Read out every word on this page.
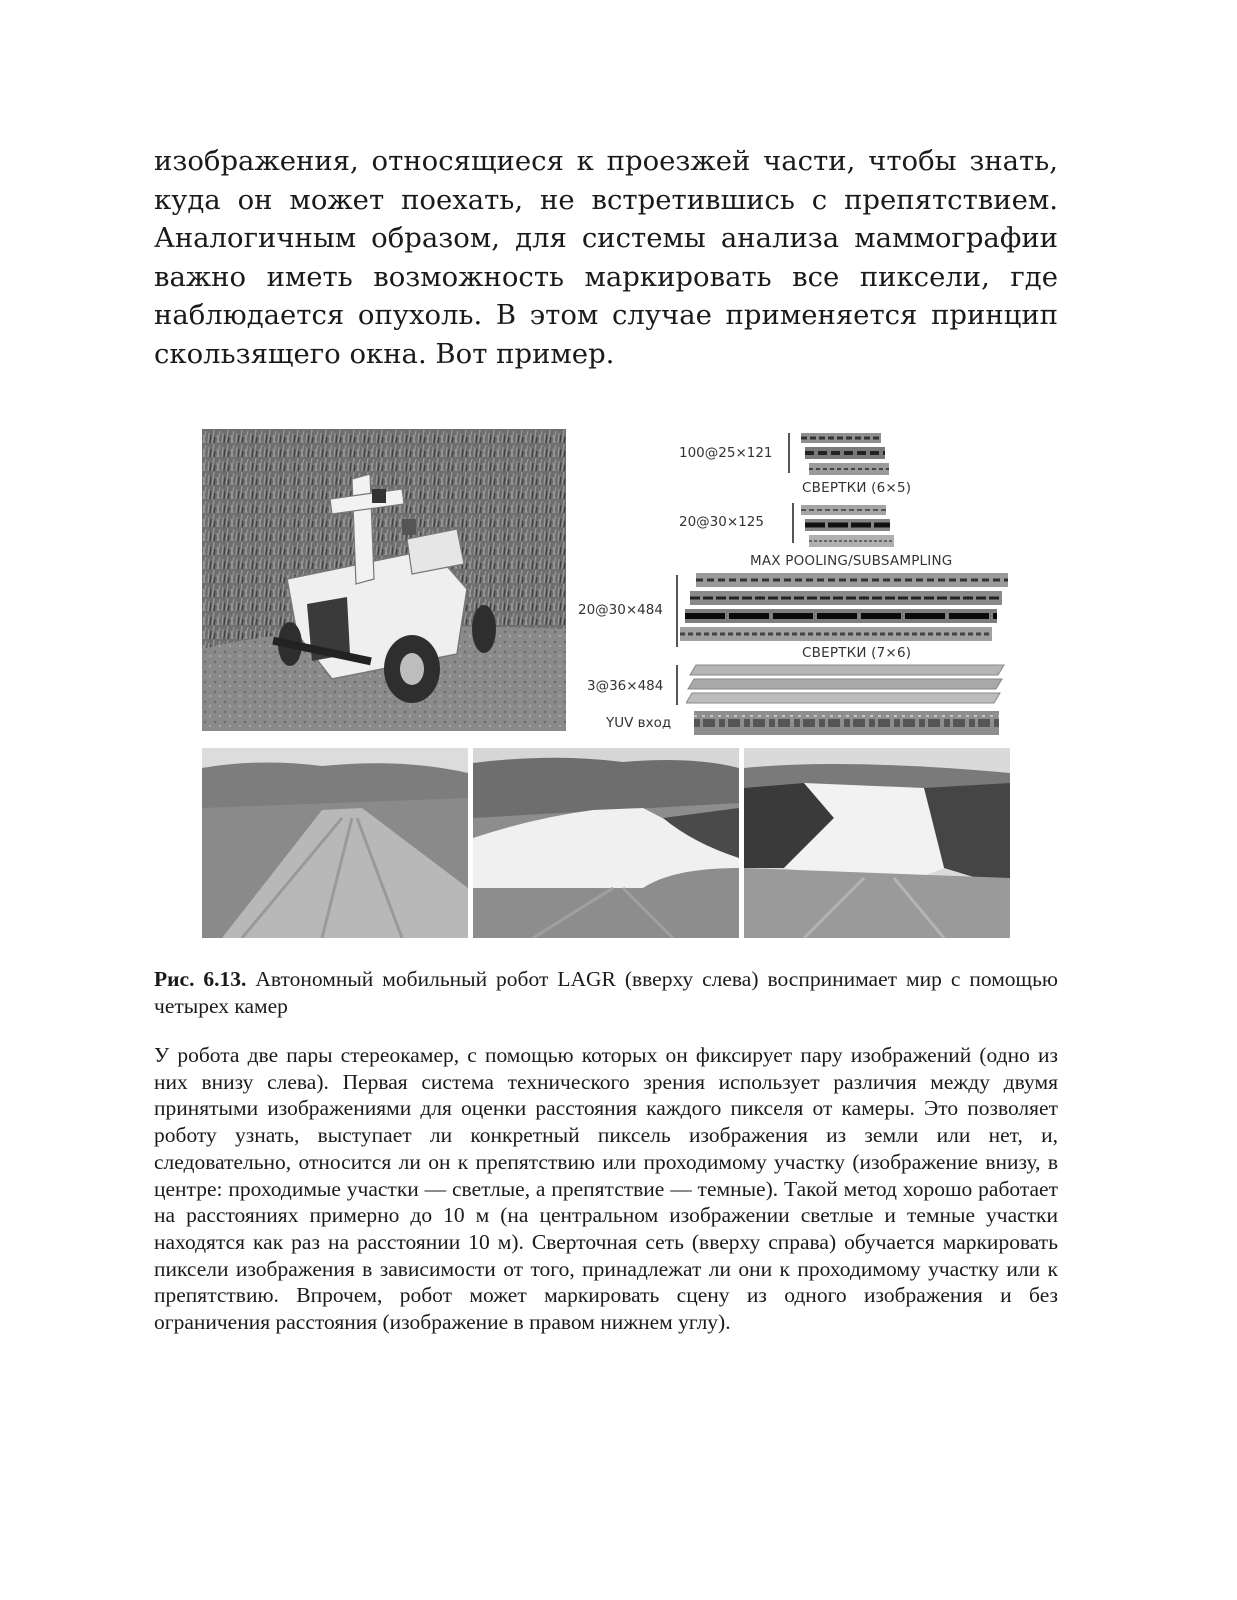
изображения, относящиеся к проезжей части, чтобы знать, куда он может поехать, не встретившись с препятствием. Аналогичным образом, для системы анализа маммографии важно иметь возможность маркировать все пиксели, где наблюдается опухоль. В этом случае применяется принцип скользящего окна. Вот пример.

100@25×121
СВЕРТКИ (6×5)
20@30×125
MAX POOLING/SUBSAMPLING
20@30×484
СВЕРТКИ (7×6)
3@36×484
YUV вход

Рис. 6.13. Автономный мобильный робот LAGR (вверху слева) воспринимает мир с помощью четырех камер

У робота две пары стереокамер, с помощью которых он фиксирует пару изображений (одно из них внизу слева). Первая система технического зрения использует различия между двумя принятыми изображениями для оценки расстояния каждого пикселя от камеры. Это позволяет роботу узнать, выступает ли конкретный пиксель изображения из земли или нет, и, следовательно, относится ли он к препятствию или проходимому участку (изображение внизу, в центре: проходимые участки — светлые, а препятствие — темные). Такой метод хорошо работает на расстояниях примерно до 10 м (на центральном изображении светлые и темные участки находятся как раз на расстоянии 10 м). Сверточная сеть (вверху справа) обучается маркировать пиксели изображения в зависимости от того, принадлежат ли они к проходимому участку или к препятствию. Впрочем, робот может маркировать сцену из одного изображения и без ограничения расстояния (изображение в правом нижнем углу).
